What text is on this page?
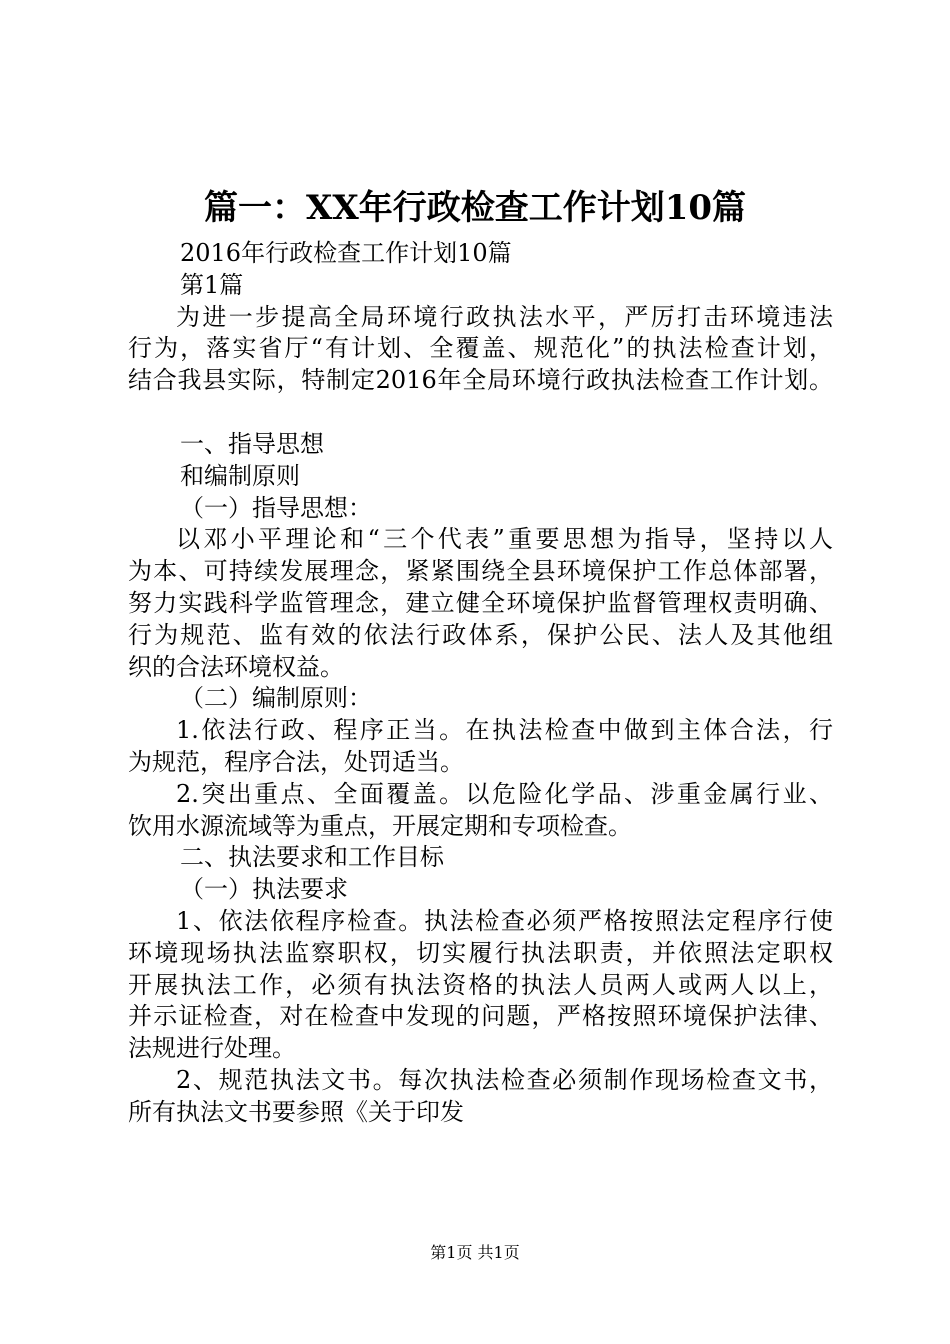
篇一：XX年行政检查工作计划10篇
2016年行政检查工作计划10篇
第1篇
为进一步提高全局环境行政执法水平，严厉打击环境违法
行为，落实省厅“有计划、全覆盖、规范化”的执法检查计划，
结合我县实际，特制定2016年全局环境行政执法检查工作计划。
一、指导思想
和编制原则
（一）指导思想：
以邓小平理论和“三个代表”重要思想为指导，坚持以人
为本、可持续发展理念，紧紧围绕全县环境保护工作总体部署，
努力实践科学监管理念，建立健全环境保护监督管理权责明确、
行为规范、监有效的依法行政体系，保护公民、法人及其他组
织的合法环境权益。
（二）编制原则：
1.依法行政、程序正当。在执法检查中做到主体合法，行
为规范，程序合法，处罚适当。
2.突出重点、全面覆盖。以危险化学品、涉重金属行业、
饮用水源流域等为重点，开展定期和专项检查。
二、执法要求和工作目标
（一）执法要求
1、依法依程序检查。执法检查必须严格按照法定程序行使
环境现场执法监察职权，切实履行执法职责，并依照法定职权
开展执法工作，必须有执法资格的执法人员两人或两人以上，
并示证检查，对在检查中发现的问题，严格按照环境保护法律、
法规进行处理。
2、规范执法文书。每次执法检查必须制作现场检查文书，
所有执法文书要参照《关于印发
第1页 共1页
